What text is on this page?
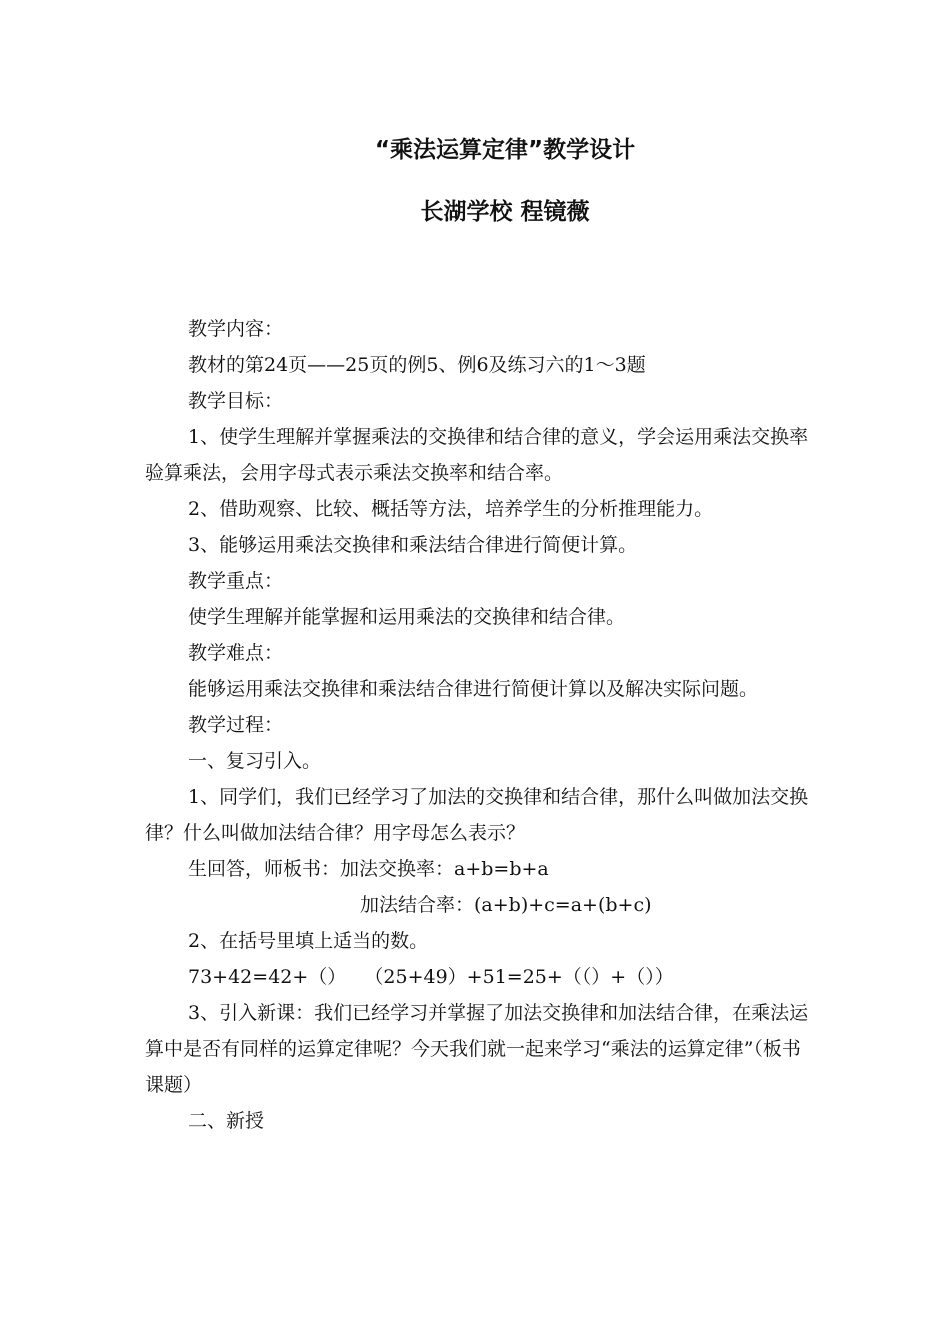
“乘法运算定律”教学设计
长湖学校 程镜薇

教学内容：

教材的第24页——25页的例5、例6及练习六的1～3题

教学目标：

1、使学生理解并掌握乘法的交换律和结合律的意义，学会运用乘法交换率验算乘法，会用字母式表示乘法交换率和结合率。

2、借助观察、比较、概括等方法，培养学生的分析推理能力。

3、能够运用乘法交换律和乘法结合律进行简便计算。

教学重点：

使学生理解并能掌握和运用乘法的交换律和结合律。

教学难点：

能够运用乘法交换律和乘法结合律进行简便计算以及解决实际问题。

教学过程：

一、复习引入。

1、同学们，我们已经学习了加法的交换律和结合律，那什么叫做加法交换律？什么叫做加法结合律？用字母怎么表示？

生回答，师板书：加法交换率：a+b=b+a

加法结合率：(a+b)+c=a+(b+c)

2、在括号里填上适当的数。

73+42=42+（）   （25+49）+51=25+（（）+（））

3、引入新课：我们已经学习并掌握了加法交换律和加法结合律，在乘法运算中是否有同样的运算定律呢？今天我们就一起来学习“乘法的运算定律”（板书课题）

二、新授
